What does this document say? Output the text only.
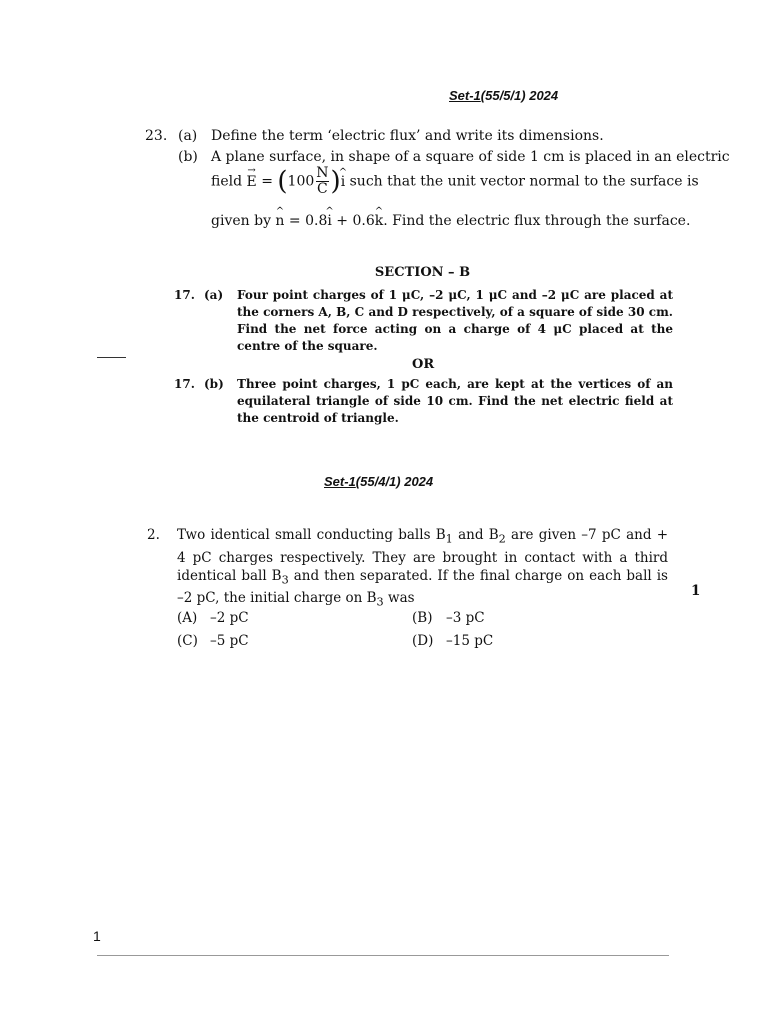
Set-1(55/5/1) 2024
23. (a) Define the term ‘electric flux’ and write its dimensions.
(b) A plane surface, in shape of a square of side 1 cm is placed in an electric
field → $E = (100 \frac{N}{C}$ )^ i such that the unit vector normal to the surface is
given by ^ n = 0.8^ i + 0.6^ k. Find the electric flux through the surface.
SECTION – B
17. (a) Four point charges of 1 μC, –2 μC, 1 μC and –2 μC are placed at the corners A, B, C and D respectively, of a square of side 30 cm. Find the net force acting on a charge of 4 μC placed at the centre of the square.
OR
17. (b) Three point charges, 1 pC each, are kept at the vertices of an equilateral triangle of side 10 cm. Find the net electric field at the centroid of triangle.
Set-1(55/4/1) 2024
2. Two identical small conducting balls $B_1$ and $B_2$ are given –7 pC and + 4 pC charges respectively. They are brought in contact with a third identical ball $B_3$ and then separated. If the final charge on each ball is –2 pC, the initial charge on $B_3$ was	1
(A) –2 pC	(B) –3 pC
(C) –5 pC	(D) –15 pC
1
